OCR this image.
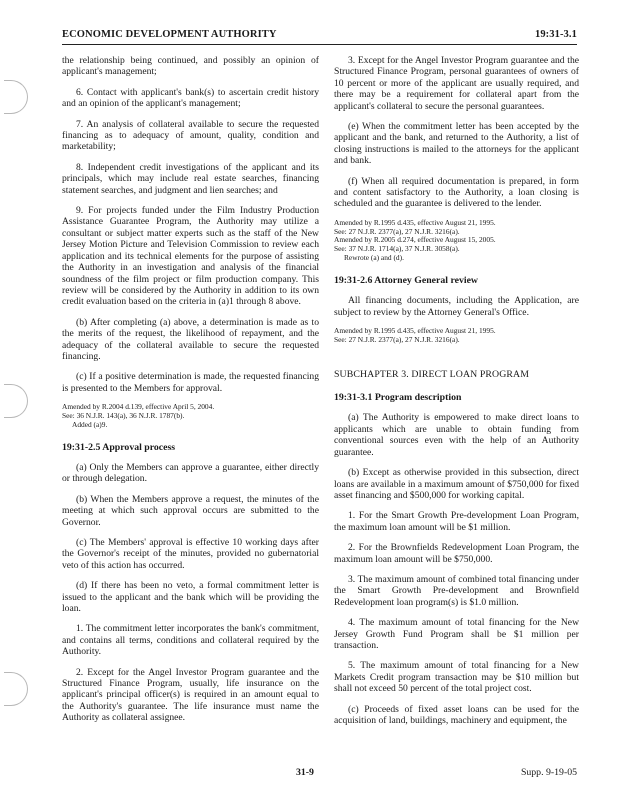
ECONOMIC DEVELOPMENT AUTHORITY	19:31-3.1

the relationship being continued, and possibly an opinion of applicant's management;

6. Contact with applicant's bank(s) to ascertain credit history and an opinion of the applicant's management;

7. An analysis of collateral available to secure the requested financing as to adequacy of amount, quality, condition and marketability;

8. Independent credit investigations of the applicant and its principals, which may include real estate searches, financing statement searches, and judgment and lien searches; and

9. For projects funded under the Film Industry Production Assistance Guarantee Program, the Authority may utilize a consultant or subject matter experts such as the staff of the New Jersey Motion Picture and Television Commission to review each application and its technical elements for the purpose of assisting the Authority in an investigation and analysis of the financial soundness of the film project or film production company. This review will be considered by the Authority in addition to its own credit evaluation based on the criteria in (a)1 through 8 above.

(b) After completing (a) above, a determination is made as to the merits of the request, the likelihood of repayment, and the adequacy of the collateral available to secure the requested financing.

(c) If a positive determination is made, the requested financing is presented to the Members for approval.

Amended by R.2004 d.139, effective April 5, 2004.
See: 36 N.J.R. 143(a), 36 N.J.R. 1787(b).
Added (a)9.
19:31-2.5 Approval process

(a) Only the Members can approve a guarantee, either directly or through delegation.

(b) When the Members approve a request, the minutes of the meeting at which such approval occurs are submitted to the Governor.

(c) The Members' approval is effective 10 working days after the Governor's receipt of the minutes, provided no gubernatorial veto of this action has occurred.

(d) If there has been no veto, a formal commitment letter is issued to the applicant and the bank which will be providing the loan.

1. The commitment letter incorporates the bank's commitment, and contains all terms, conditions and collateral required by the Authority.

2. Except for the Angel Investor Program guarantee and the Structured Finance Program, usually, life insurance on the applicant's principal officer(s) is required in an amount equal to the Authority's guarantee. The life insurance must name the Authority as collateral assignee.

3. Except for the Angel Investor Program guarantee and the Structured Finance Program, personal guarantees of owners of 10 percent or more of the applicant are usually required, and there may be a requirement for collateral apart from the applicant's collateral to secure the personal guarantees.

(e) When the commitment letter has been accepted by the applicant and the bank, and returned to the Authority, a list of closing instructions is mailed to the attorneys for the applicant and bank.

(f) When all required documentation is prepared, in form and content satisfactory to the Authority, a loan closing is scheduled and the guarantee is delivered to the lender.

Amended by R.1995 d.435, effective August 21, 1995.
See: 27 N.J.R. 2377(a), 27 N.J.R. 3216(a).
Amended by R.2005 d.274, effective August 15, 2005.
See: 37 N.J.R. 1714(a), 37 N.J.R. 3058(a).
Rewrote (a) and (d).
19:31-2.6 Attorney General review

All financing documents, including the Application, are subject to review by the Attorney General's Office.

Amended by R.1995 d.435, effective August 21, 1995.
See: 27 N.J.R. 2377(a), 27 N.J.R. 3216(a).
SUBCHAPTER 3. DIRECT LOAN PROGRAM
19:31-3.1 Program description

(a) The Authority is empowered to make direct loans to applicants which are unable to obtain funding from conventional sources even with the help of an Authority guarantee.

(b) Except as otherwise provided in this subsection, direct loans are available in a maximum amount of $750,000 for fixed asset financing and $500,000 for working capital.

1. For the Smart Growth Pre-development Loan Program, the maximum loan amount will be $1 million.

2. For the Brownfields Redevelopment Loan Program, the maximum loan amount will be $750,000.

3. The maximum amount of combined total financing under the Smart Growth Pre-development and Brownfield Redevelopment loan program(s) is $1.0 million.

4. The maximum amount of total financing for the New Jersey Growth Fund Program shall be $1 million per transaction.

5. The maximum amount of total financing for a New Markets Credit program transaction may be $10 million but shall not exceed 50 percent of the total project cost.

(c) Proceeds of fixed asset loans can be used for the acquisition of land, buildings, machinery and equipment, the

31-9	Supp. 9-19-05
